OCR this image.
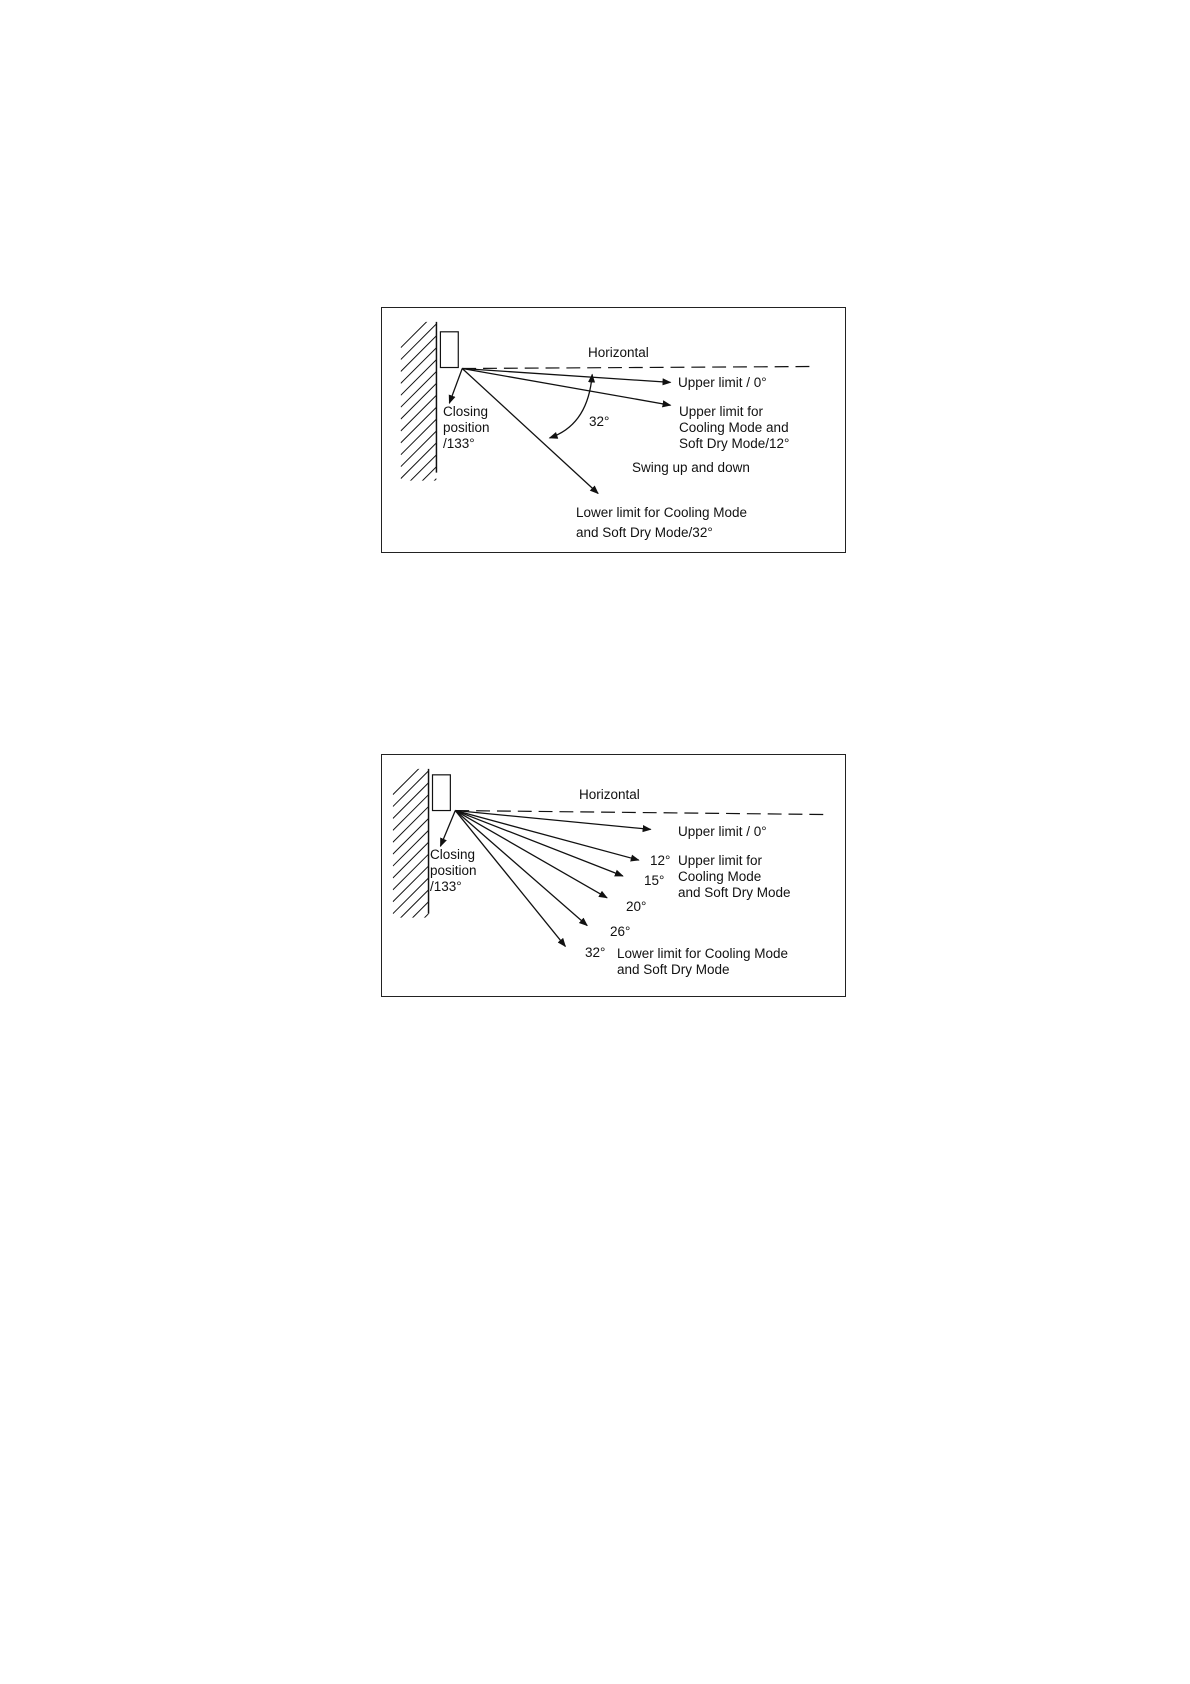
Horizontal
Upper limit / 0°
Upper limit for
Cooling Mode and
Soft Dry Mode/12°
Closing
position
/133°
32°
Swing up and down
Lower limit for Cooling Mode
and Soft Dry Mode/32°
Horizontal
Upper limit / 0°
Upper limit for
Cooling Mode
and Soft Dry Mode
Closing
position
/133°
12°
15°
20°
26°
32° Lower limit for Cooling Mode
and Soft Dry Mode
